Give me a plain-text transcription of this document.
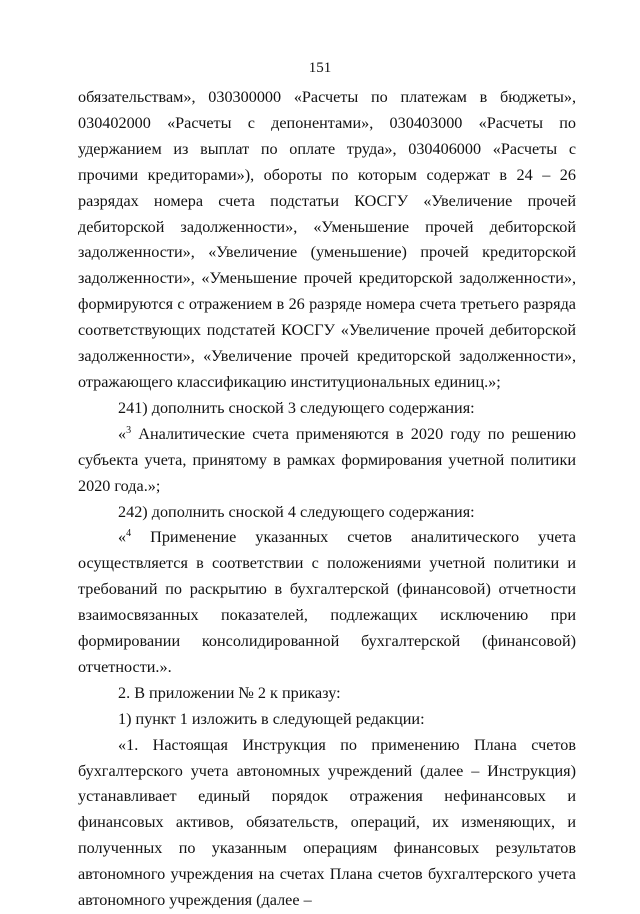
151

обязательствам», 030300000 «Расчеты по платежам в бюджеты», 030402000 «Расчеты с депонентами», 030403000 «Расчеты по удержанием из выплат по оплате труда», 030406000 «Расчеты с прочими кредиторами»), обороты по которым содержат в 24 – 26 разрядах номера счета подстатьи КОСГУ «Увеличение прочей дебиторской задолженности», «Уменьшение прочей дебиторской задолженности», «Увеличение (уменьшение) прочей кредиторской задолженности», «Уменьшение прочей кредиторской задолженности», формируются с отражением в 26 разряде номера счета третьего разряда соответствующих подстатей КОСГУ «Увеличение прочей дебиторской задолженности», «Увеличение прочей кредиторской задолженности», отражающего классификацию институциональных единиц.»;

241) дополнить сноской 3 следующего содержания:

«$^3$ Аналитические счета применяются в 2020 году по решению субъекта учета, принятому в рамках формирования учетной политики 2020 года.»;

242) дополнить сноской 4 следующего содержания:

«$^4$ Применение указанных счетов аналитического учета осуществляется в соответствии с положениями учетной политики и требований по раскрытию в бухгалтерской (финансовой) отчетности взаимосвязанных показателей, подлежащих исключению при формировании консолидированной бухгалтерской (финансовой) отчетности.».

2. В приложении № 2 к приказу:

1) пункт 1 изложить в следующей редакции:

«1. Настоящая Инструкция по применению Плана счетов бухгалтерского учета автономных учреждений (далее – Инструкция) устанавливает единый порядок отражения нефинансовых и финансовых активов, обязательств, операций, их изменяющих, и полученных по указанным операциям финансовых результатов автономного учреждения на счетах Плана счетов бухгалтерского учета автономного учреждения (далее –
